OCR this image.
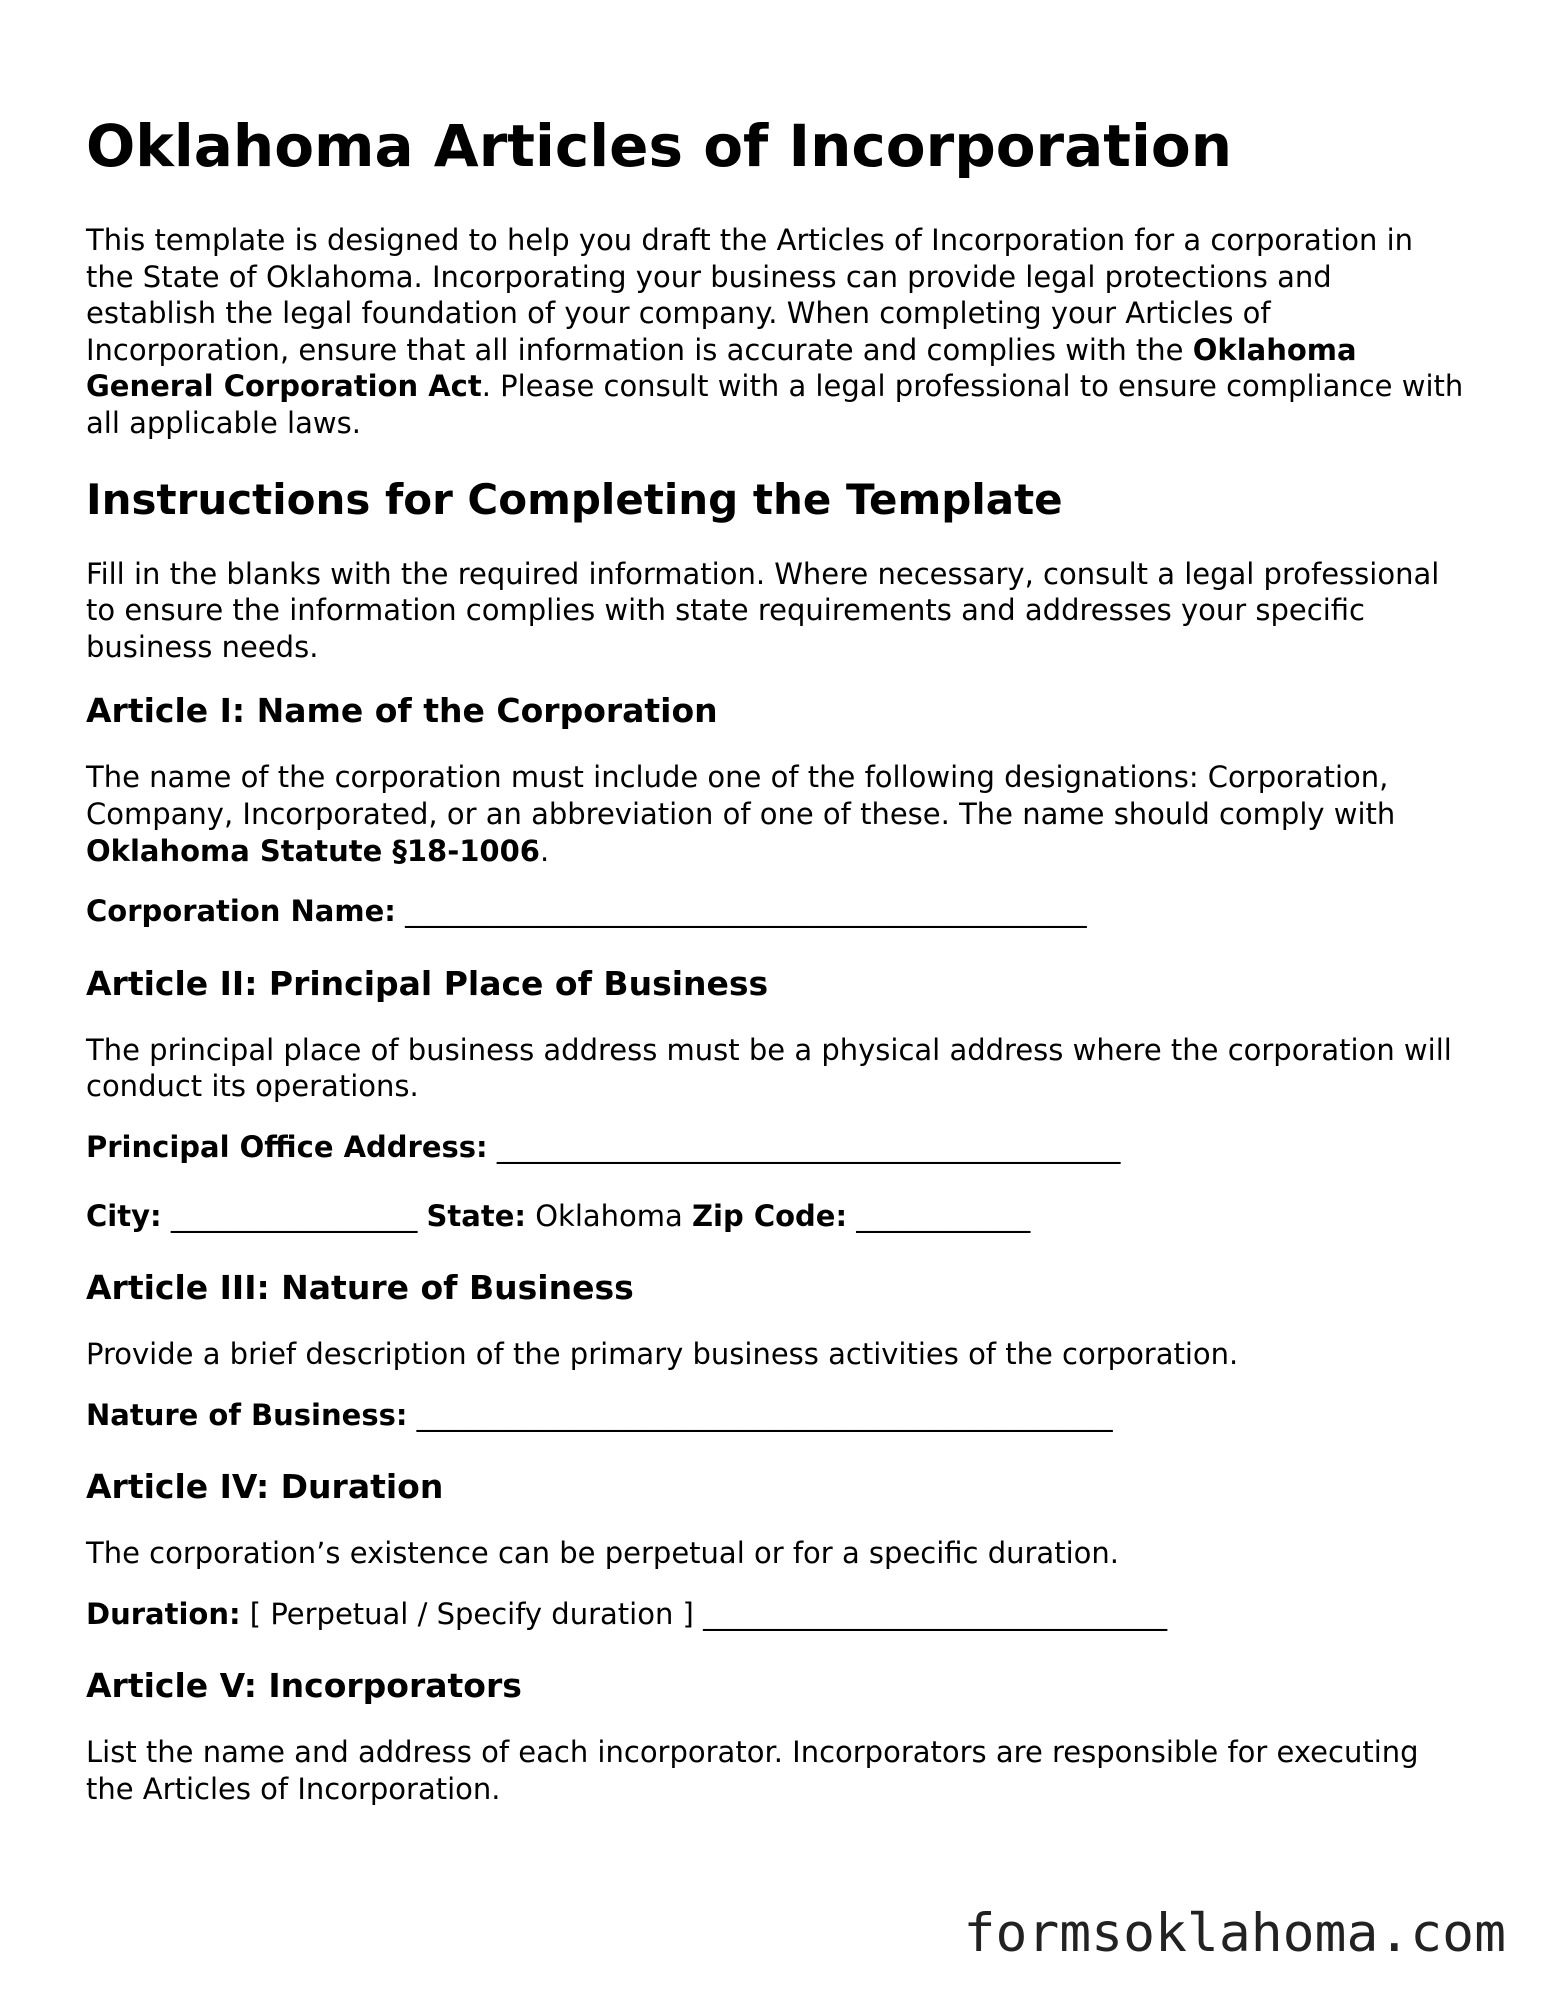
Oklahoma Articles of Incorporation

This template is designed to help you draft the Articles of Incorporation for a corporation in the State of Oklahoma. Incorporating your business can provide legal protections and establish the legal foundation of your company. When completing your Articles of Incorporation, ensure that all information is accurate and complies with the Oklahoma General Corporation Act. Please consult with a legal professional to ensure compliance with all applicable laws.

Instructions for Completing the Template

Fill in the blanks with the required information. Where necessary, consult a legal professional to ensure the information complies with state requirements and addresses your specific business needs.

Article I: Name of the Corporation

The name of the corporation must include one of the following designations: Corporation, Company, Incorporated, or an abbreviation of one of these. The name should comply with Oklahoma Statute §18-1006.

Corporation Name: _______________________________________________

Article II: Principal Place of Business

The principal place of business address must be a physical address where the corporation will conduct its operations.

Principal Office Address: ___________________________________________

City: _________________ State: Oklahoma Zip Code: ____________

Article III: Nature of Business

Provide a brief description of the primary business activities of the corporation.

Nature of Business: ________________________________________________

Article IV: Duration

The corporation’s existence can be perpetual or for a specific duration.

Duration: [ Perpetual / Specify duration ] ________________________________

Article V: Incorporators

List the name and address of each incorporator. Incorporators are responsible for executing the Articles of Incorporation.

formsoklahoma.com
